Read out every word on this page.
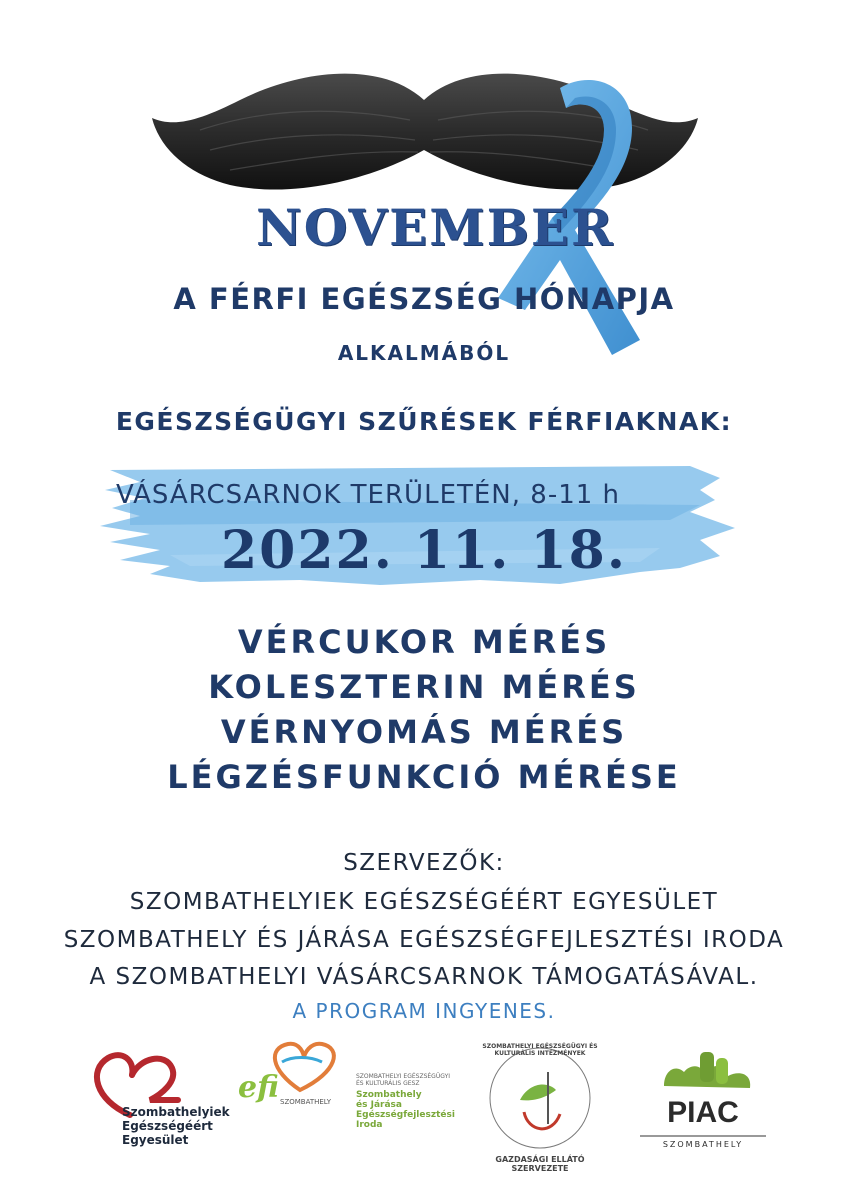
NOVEMBER
A FÉRFI EGÉSZSÉG HÓNAPJA
ALKALMÁBÓL
EGÉSZSÉGÜGYI SZŰRÉSEK FÉRFIAKNAK:
VÁSÁRCSARNOK TERÜLETÉN, 8-11 h
2022. 11. 18.
VÉRCUKOR MÉRÉS
KOLESZTERIN MÉRÉS
VÉRNYOMÁS MÉRÉS
LÉGZÉSFUNKCIÓ MÉRÉSE
SZERVEZŐK:
SZOMBATHELYIEK EGÉSZSÉGÉÉRT EGYESÜLET
SZOMBATHELY ÉS JÁRÁSA EGÉSZSÉGFEJLESZTÉSI IRODA
A SZOMBATHELYI VÁSÁRCSARNOK TÁMOGATÁSÁVAL.
A PROGRAM INGYENES.
Szombathelyiek
Egészségéért
Egyesület
efi SZOMBATHELY
SZOMBATHELYI EGÉSZSÉGÜGYI
ÉS KULTURÁLIS GESZ
Szombathely
és Járása
Egészségfejlesztési
Iroda
SZOMBATHELYI EGÉSZSÉGÜGYI ÉS KULTURÁLIS INTÉZMÉNYEK
GAZDASÁGI ELLÁTÓ SZERVEZETE
PIAC
SZOMBATHELY
